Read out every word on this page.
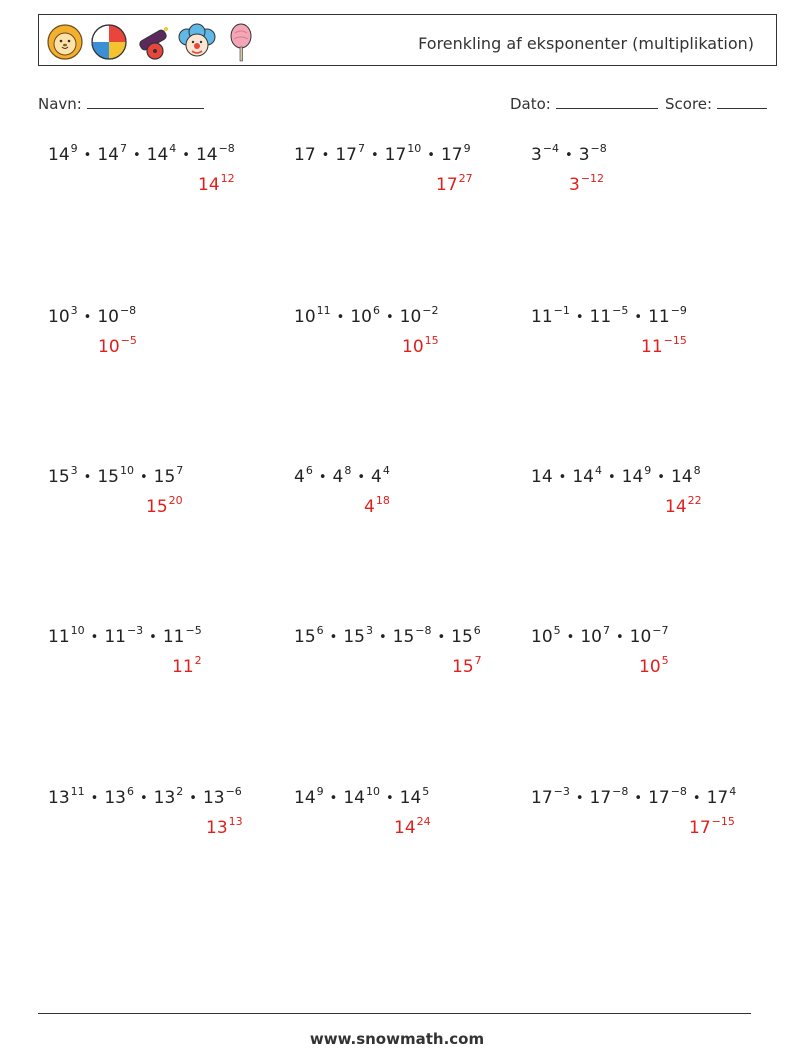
Forenkling af eksponenter (multiplikation)
Navn:	Dato:	Score:
$14^9$ • $14^7$ • $14^4$ • $14^{-8}$
$14^{12}$
17 • $17^7$ • $17^{10}$ • $17^9$
$17^{27}$
$3^{-4}$ • $3^{-8}$
$3^{-12}$
$10^3$ • $10^{-8}$
$10^{-5}$
$10^{11}$ • $10^6$ • $10^{-2}$
$10^{15}$
$11^{-1}$ • $11^{-5}$ • $11^{-9}$
$11^{-15}$
$15^3$ • $15^{10}$ • $15^7$
$15^{20}$
$4^6$ • $4^8$ • $4^4$
$4^{18}$
14 • $14^4$ • $14^9$ • $14^8$
$14^{22}$
$11^{10}$ • $11^{-3}$ • $11^{-5}$
$11^2$
$15^6$ • $15^3$ • $15^{-8}$ • $15^6$
$15^7$
$10^5$ • $10^7$ • $10^{-7}$
$10^5$
$13^{11}$ • $13^6$ • $13^2$ • $13^{-6}$
$13^{13}$
$14^9$ • $14^{10}$ • $14^5$
$14^{24}$
$17^{-3}$ • $17^{-8}$ • $17^{-8}$ • $17^4$
$17^{-15}$
www.snowmath.com
